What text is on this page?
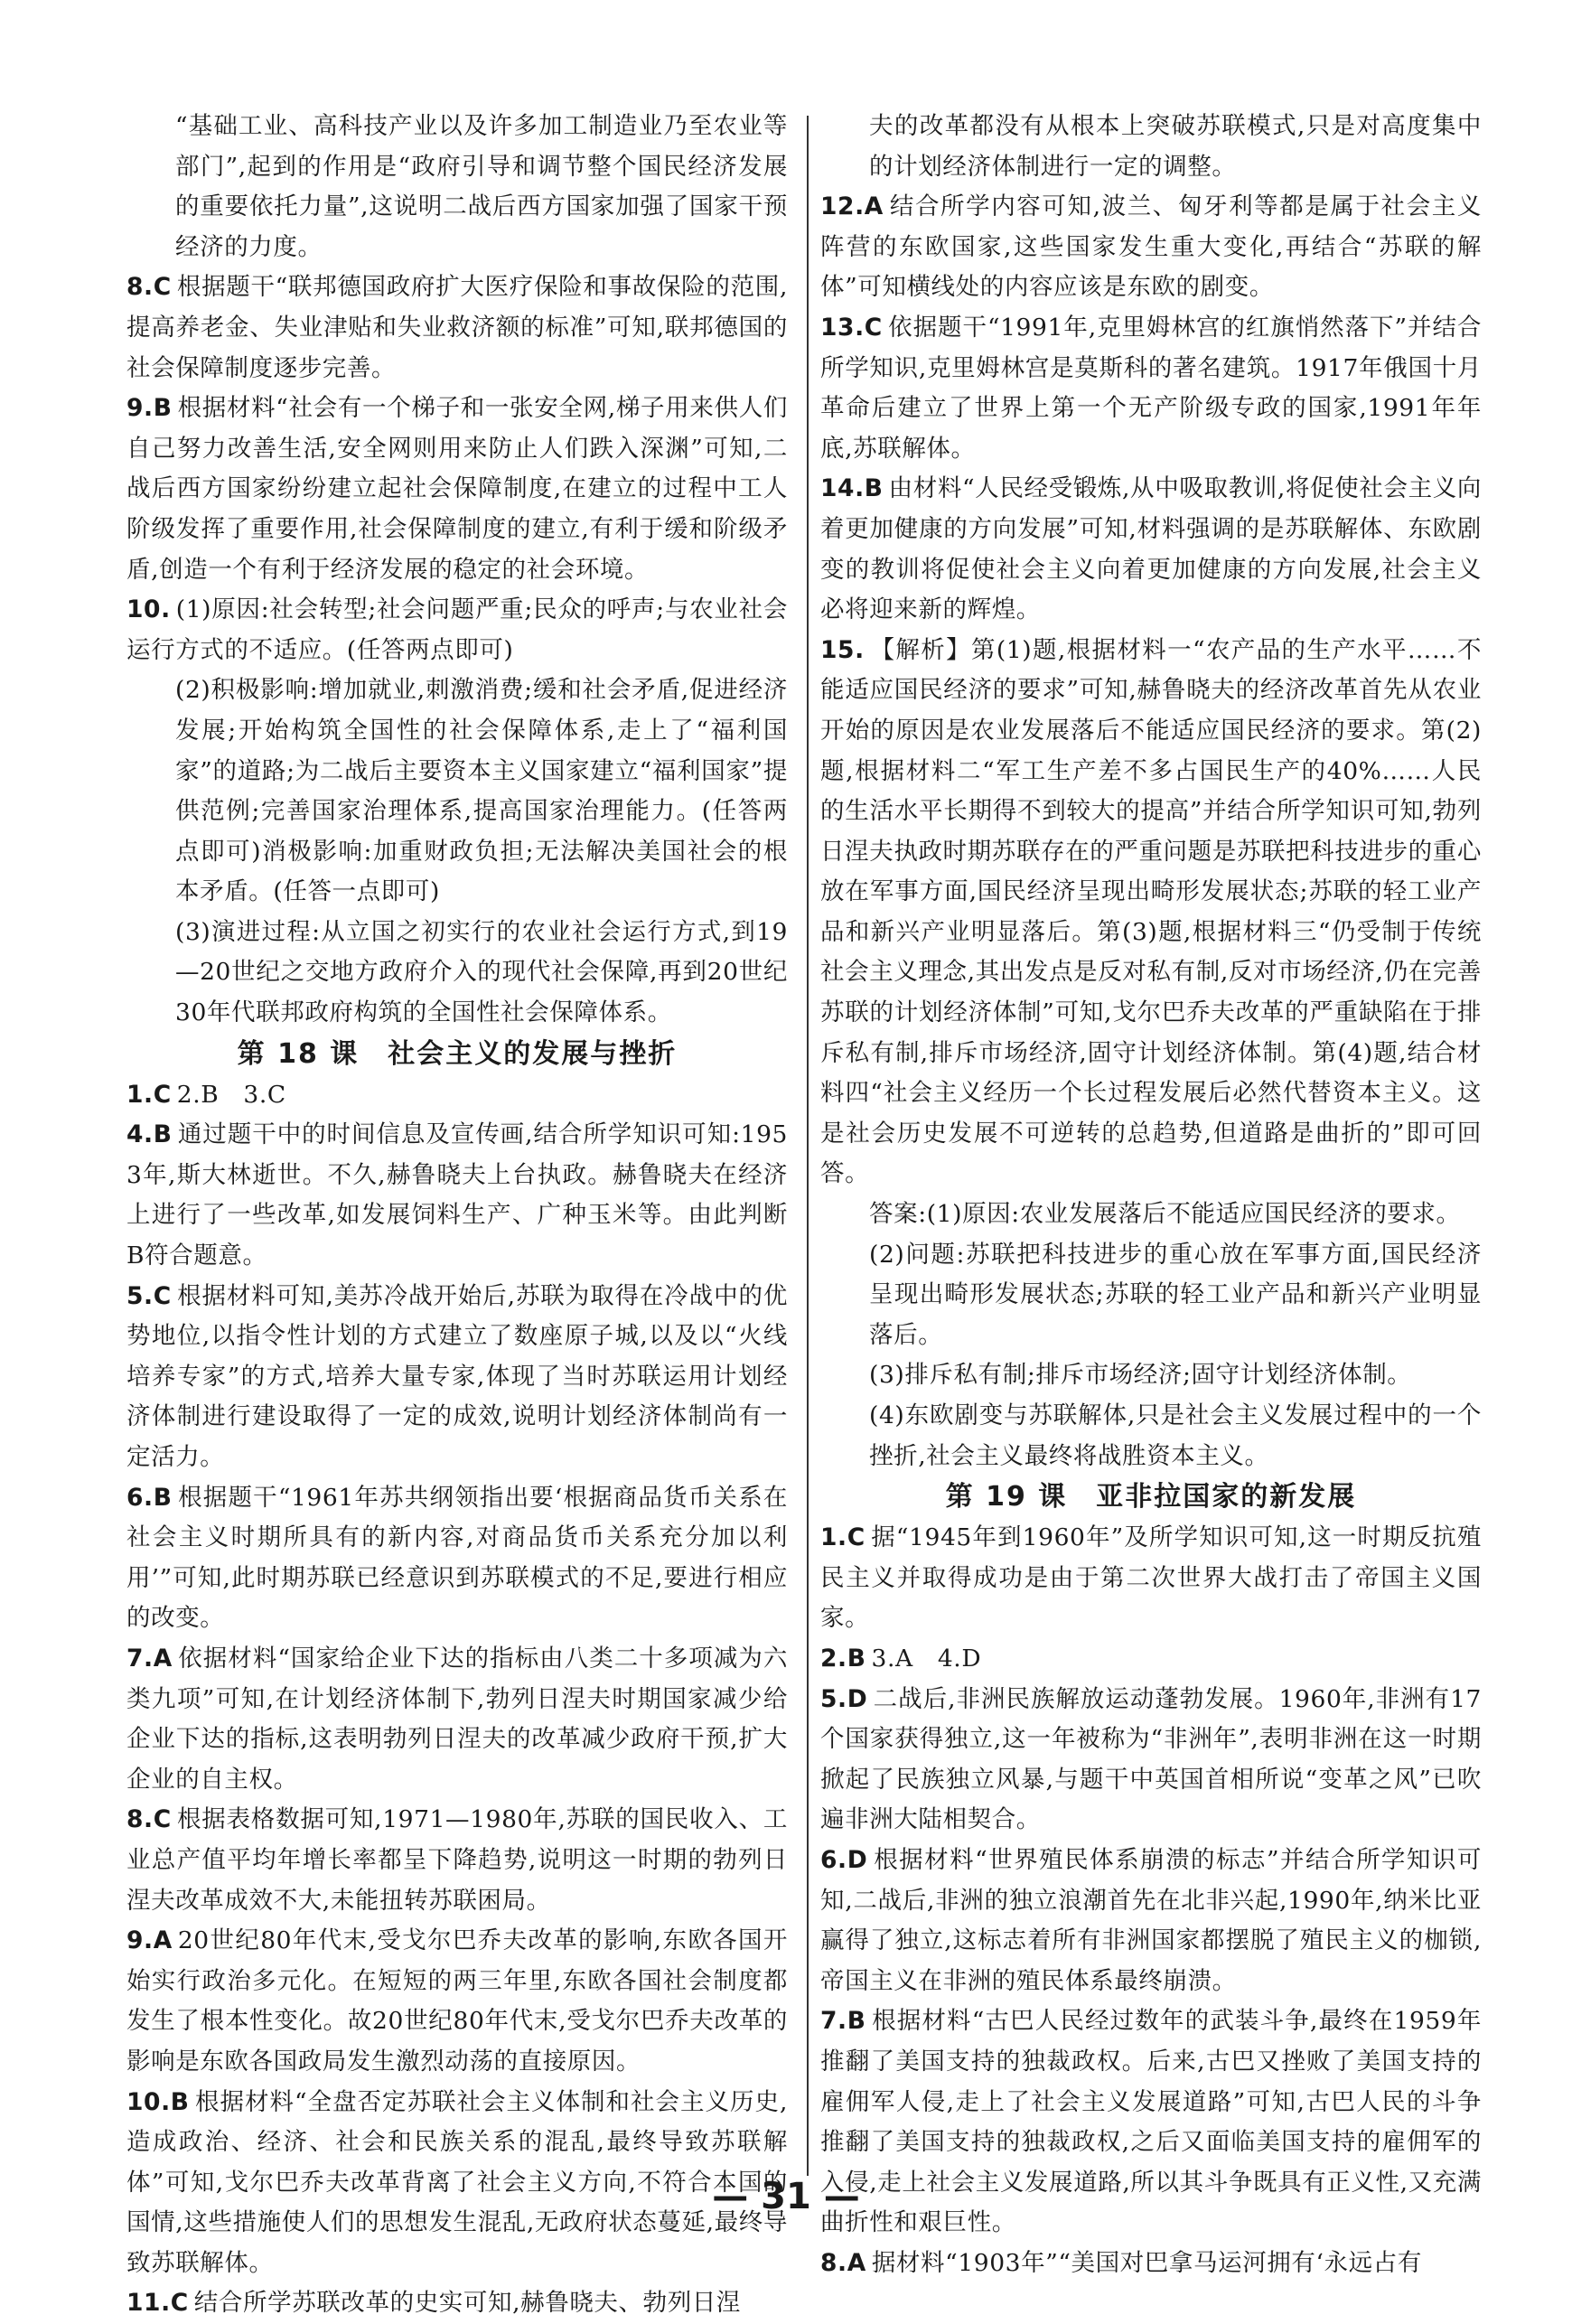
“基础工业、高科技产业以及许多加工制造业乃至农业等部门”,起到的作用是“政府引导和调节整个国民经济发展的重要依托力量”,这说明二战后西方国家加强了国家干预经济的力度。

8.C 根据题干“联邦德国政府扩大医疗保险和事故保险的范围,提高养老金、失业津贴和失业救济额的标准”可知,联邦德国的社会保障制度逐步完善。

9.B 根据材料“社会有一个梯子和一张安全网,梯子用来供人们自己努力改善生活,安全网则用来防止人们跌入深渊”可知,二战后西方国家纷纷建立起社会保障制度,在建立的过程中工人阶级发挥了重要作用,社会保障制度的建立,有利于缓和阶级矛盾,创造一个有利于经济发展的稳定的社会环境。

10. (1)原因:社会转型;社会问题严重;民众的呼声;与农业社会运行方式的不适应。(任答两点即可)

(2)积极影响:增加就业,刺激消费;缓和社会矛盾,促进经济发展;开始构筑全国性的社会保障体系,走上了“福利国家”的道路;为二战后主要资本主义国家建立“福利国家”提供范例;完善国家治理体系,提高国家治理能力。(任答两点即可)消极影响:加重财政负担;无法解决美国社会的根本矛盾。(任答一点即可)

(3)演进过程:从立国之初实行的农业社会运行方式,到19—20世纪之交地方政府介入的现代社会保障,再到20世纪30年代联邦政府构筑的全国性社会保障体系。

第 18 课　社会主义的发展与挫折

1.C 2.B　3.C

4.B 通过题干中的时间信息及宣传画,结合所学知识可知:1953年,斯大林逝世。不久,赫鲁晓夫上台执政。赫鲁晓夫在经济上进行了一些改革,如发展饲料生产、广种玉米等。由此判断B符合题意。

5.C 根据材料可知,美苏冷战开始后,苏联为取得在冷战中的优势地位,以指令性计划的方式建立了数座原子城,以及以“火线培养专家”的方式,培养大量专家,体现了当时苏联运用计划经济体制进行建设取得了一定的成效,说明计划经济体制尚有一定活力。

6.B 根据题干“1961年苏共纲领指出要‘根据商品货币关系在社会主义时期所具有的新内容,对商品货币关系充分加以利用’”可知,此时期苏联已经意识到苏联模式的不足,要进行相应的改变。

7.A 依据材料“国家给企业下达的指标由八类二十多项减为六类九项”可知,在计划经济体制下,勃列日涅夫时期国家减少给企业下达的指标,这表明勃列日涅夫的改革减少政府干预,扩大企业的自主权。

8.C 根据表格数据可知,1971—1980年,苏联的国民收入、工业总产值平均年增长率都呈下降趋势,说明这一时期的勃列日涅夫改革成效不大,未能扭转苏联困局。

9.A 20世纪80年代末,受戈尔巴乔夫改革的影响,东欧各国开始实行政治多元化。在短短的两三年里,东欧各国社会制度都发生了根本性变化。故20世纪80年代末,受戈尔巴乔夫改革的影响是东欧各国政局发生激烈动荡的直接原因。

10.B 根据材料“全盘否定苏联社会主义体制和社会主义历史,造成政治、经济、社会和民族关系的混乱,最终导致苏联解体”可知,戈尔巴乔夫改革背离了社会主义方向,不符合本国的国情,这些措施使人们的思想发生混乱,无政府状态蔓延,最终导致苏联解体。

11.C 结合所学苏联改革的史实可知,赫鲁晓夫、勃列日涅

夫的改革都没有从根本上突破苏联模式,只是对高度集中的计划经济体制进行一定的调整。

12.A 结合所学内容可知,波兰、匈牙利等都是属于社会主义阵营的东欧国家,这些国家发生重大变化,再结合“苏联的解体”可知横线处的内容应该是东欧的剧变。

13.C 依据题干“1991年,克里姆林宫的红旗悄然落下”并结合所学知识,克里姆林宫是莫斯科的著名建筑。1917年俄国十月革命后建立了世界上第一个无产阶级专政的国家,1991年年底,苏联解体。

14.B 由材料“人民经受锻炼,从中吸取教训,将促使社会主义向着更加健康的方向发展”可知,材料强调的是苏联解体、东欧剧变的教训将促使社会主义向着更加健康的方向发展,社会主义必将迎来新的辉煌。

15. 【解析】第(1)题,根据材料一“农产品的生产水平……不能适应国民经济的要求”可知,赫鲁晓夫的经济改革首先从农业开始的原因是农业发展落后不能适应国民经济的要求。第(2)题,根据材料二“军工生产差不多占国民生产的40%……人民的生活水平长期得不到较大的提高”并结合所学知识可知,勃列日涅夫执政时期苏联存在的严重问题是苏联把科技进步的重心放在军事方面,国民经济呈现出畸形发展状态;苏联的轻工业产品和新兴产业明显落后。第(3)题,根据材料三“仍受制于传统社会主义理念,其出发点是反对私有制,反对市场经济,仍在完善苏联的计划经济体制”可知,戈尔巴乔夫改革的严重缺陷在于排斥私有制,排斥市场经济,固守计划经济体制。第(4)题,结合材料四“社会主义经历一个长过程发展后必然代替资本主义。这是社会历史发展不可逆转的总趋势,但道路是曲折的”即可回答。

答案:(1)原因:农业发展落后不能适应国民经济的要求。

(2)问题:苏联把科技进步的重心放在军事方面,国民经济呈现出畸形发展状态;苏联的轻工业产品和新兴产业明显落后。

(3)排斥私有制;排斥市场经济;固守计划经济体制。

(4)东欧剧变与苏联解体,只是社会主义发展过程中的一个挫折,社会主义最终将战胜资本主义。

第 19 课　亚非拉国家的新发展

1.C 据“1945年到1960年”及所学知识可知,这一时期反抗殖民主义并取得成功是由于第二次世界大战打击了帝国主义国家。

2.B 3.A　4.D

5.D 二战后,非洲民族解放运动蓬勃发展。1960年,非洲有17个国家获得独立,这一年被称为“非洲年”,表明非洲在这一时期掀起了民族独立风暴,与题干中英国首相所说“变革之风”已吹遍非洲大陆相契合。

6.D 根据材料“世界殖民体系崩溃的标志”并结合所学知识可知,二战后,非洲的独立浪潮首先在北非兴起,1990年,纳米比亚赢得了独立,这标志着所有非洲国家都摆脱了殖民主义的枷锁,帝国主义在非洲的殖民体系最终崩溃。

7.B 根据材料“古巴人民经过数年的武装斗争,最终在1959年推翻了美国支持的独裁政权。后来,古巴又挫败了美国支持的雇佣军人侵,走上了社会主义发展道路”可知,古巴人民的斗争推翻了美国支持的独裁政权,之后又面临美国支持的雇佣军的入侵,走上社会主义发展道路,所以其斗争既具有正义性,又充满曲折性和艰巨性。

8.A 据材料“1903年”“美国对巴拿马运河拥有‘永远占有

— 31 —
